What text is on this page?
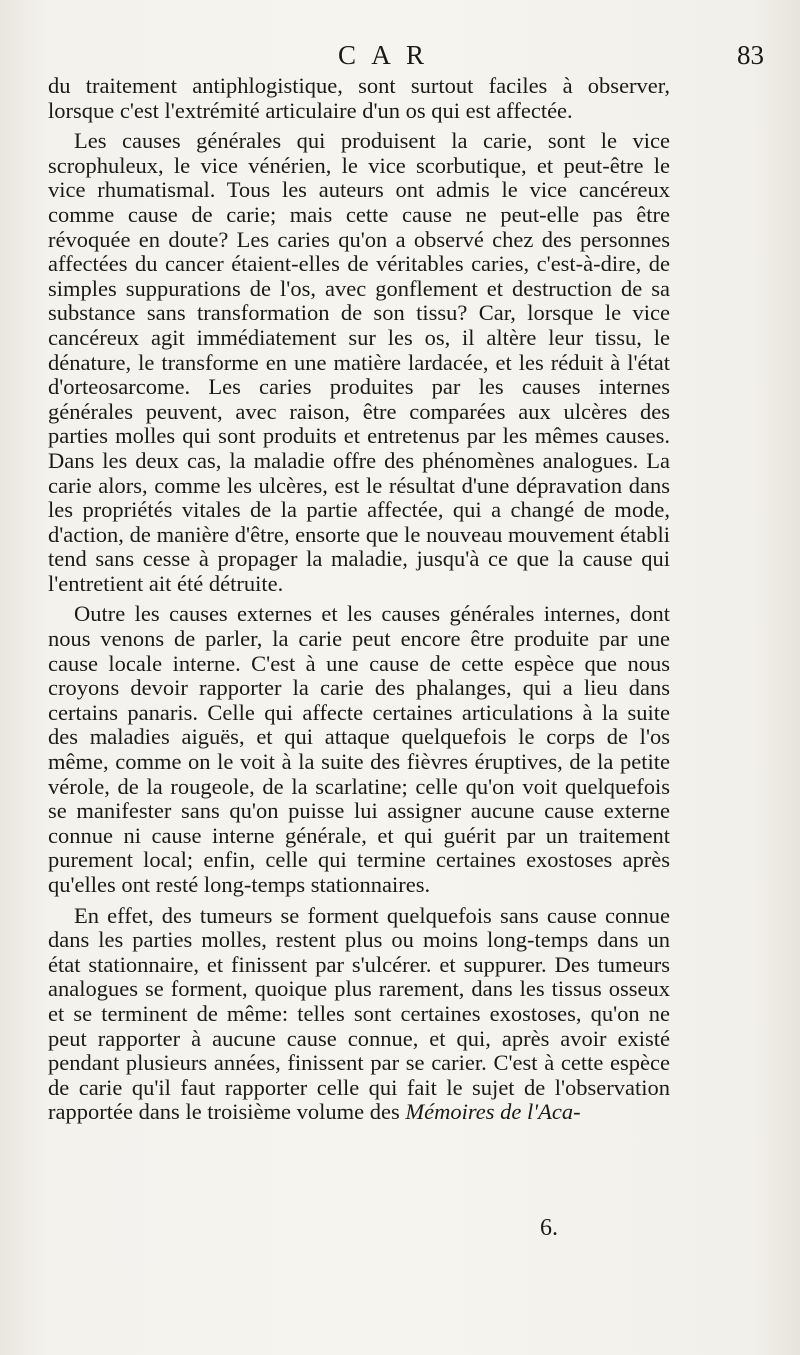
C A R	83

du traitement antiphlogistique, sont surtout faciles à observer, lorsque c'est l'extrémité articulaire d'un os qui est affectée.

Les causes générales qui produisent la carie, sont le vice scrophuleux, le vice vénérien, le vice scorbutique, et peut-être le vice rhumatismal. Tous les auteurs ont admis le vice cancéreux comme cause de carie; mais cette cause ne peut-elle pas être révoquée en doute? Les caries qu'on a observé chez des personnes affectées du cancer étaient-elles de véritables caries, c'est-à-dire, de simples suppurations de l'os, avec gonflement et destruction de sa substance sans transformation de son tissu? Car, lorsque le vice cancéreux agit immédiatement sur les os, il altère leur tissu, le dénature, le transforme en une matière lardacée, et les réduit à l'état d'orteosarcome. Les caries produites par les causes internes générales peuvent, avec raison, être comparées aux ulcères des parties molles qui sont produits et entretenus par les mêmes causes. Dans les deux cas, la maladie offre des phénomènes analogues. La carie alors, comme les ulcères, est le résultat d'une dépravation dans les propriétés vitales de la partie affectée, qui a changé de mode, d'action, de manière d'être, ensorte que le nouveau mouvement établi tend sans cesse à propager la maladie, jusqu'à ce que la cause qui l'entretient ait été détruite.

Outre les causes externes et les causes générales internes, dont nous venons de parler, la carie peut encore être produite par une cause locale interne. C'est à une cause de cette espèce que nous croyons devoir rapporter la carie des phalanges, qui a lieu dans certains panaris. Celle qui affecte certaines articulations à la suite des maladies aiguës, et qui attaque quelquefois le corps de l'os même, comme on le voit à la suite des fièvres éruptives, de la petite vérole, de la rougeole, de la scarlatine; celle qu'on voit quelquefois se manifester sans qu'on puisse lui assigner aucune cause externe connue ni cause interne générale, et qui guérit par un traitement purement local; enfin, celle qui termine certaines exostoses après qu'elles ont resté long-temps stationnaires.

En effet, des tumeurs se forment quelquefois sans cause connue dans les parties molles, restent plus ou moins long-temps dans un état stationnaire, et finissent par s'ulcérer. et suppurer. Des tumeurs analogues se forment, quoique plus rarement, dans les tissus osseux et se terminent de même: telles sont certaines exostoses, qu'on ne peut rapporter à aucune cause connue, et qui, après avoir existé pendant plusieurs années, finissent par se carier. C'est à cette espèce de carie qu'il faut rapporter celle qui fait le sujet de l'observation rapportée dans le troisième volume des Mémoires de l'Aca-

6.
